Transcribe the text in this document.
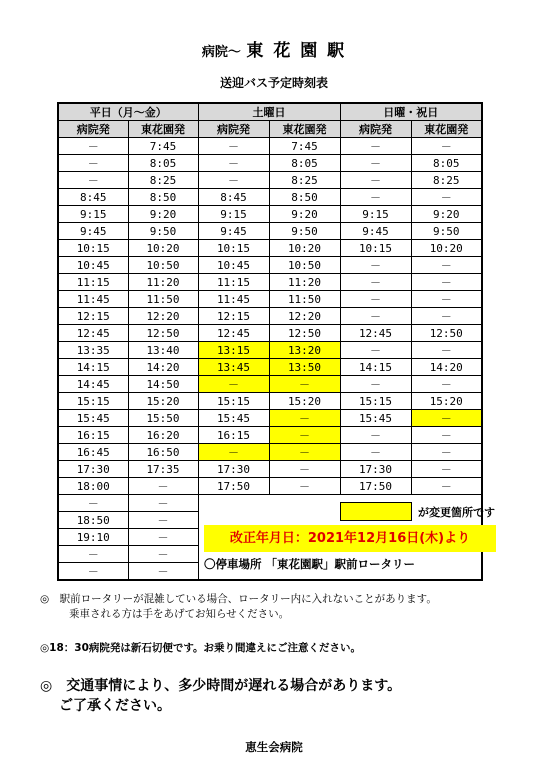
病院～ 東 花 園 駅
送迎バス予定時刻表
平日（月～金）		土曜日		日曜・祝日	
病院発	東花園発	病院発	東花園発	病院発	東花園発
－	7:45	－	7:45	－	－
－	8:05	－	8:05	－	8:05
－	8:25	－	8:25	－	8:25
8:45	8:50	8:45	8:50	－	－
9:15	9:20	9:15	9:20	9:15	9:20
9:45	9:50	9:45	9:50	9:45	9:50
10:15	10:20	10:15	10:20	10:15	10:20
10:45	10:50	10:45	10:50	－	－
11:15	11:20	11:15	11:20	－	－
11:45	11:50	11:45	11:50	－	－
12:15	12:20	12:15	12:20	－	－
12:45	12:50	12:45	12:50	12:45	12:50
13:35	13:40	13:15	13:20	－	－
14:15	14:20	13:45	13:50	14:15	14:20
14:45	14:50	－	－	－	－
15:15	15:20	15:15	15:20	15:15	15:20
15:45	15:50	15:45	－	15:45	－
16:15	16:20	16:15	－	－	－
16:45	16:50	－	－	－	－
17:30	17:35	17:30	－	17:30	－
18:00	－	17:50	－	17:50	－
－	－				
18:50	－				
19:10	－				
－	－				
－	－				
が変更箇所です
改正年月日：2021年12月16日(木)より
〇停車場所 「東花園駅」駅前ロータリー
◎　駅前ロータリーが混雑している場合、ロータリー内に入れないことがあります。
乗車される方は手をあげてお知らせください。
◎18：30病院発は新石切便です。お乗り間違えにご注意ください。
◎　交通事情により、多少時間が遅れる場合があります。
ご了承ください。
恵生会病院
